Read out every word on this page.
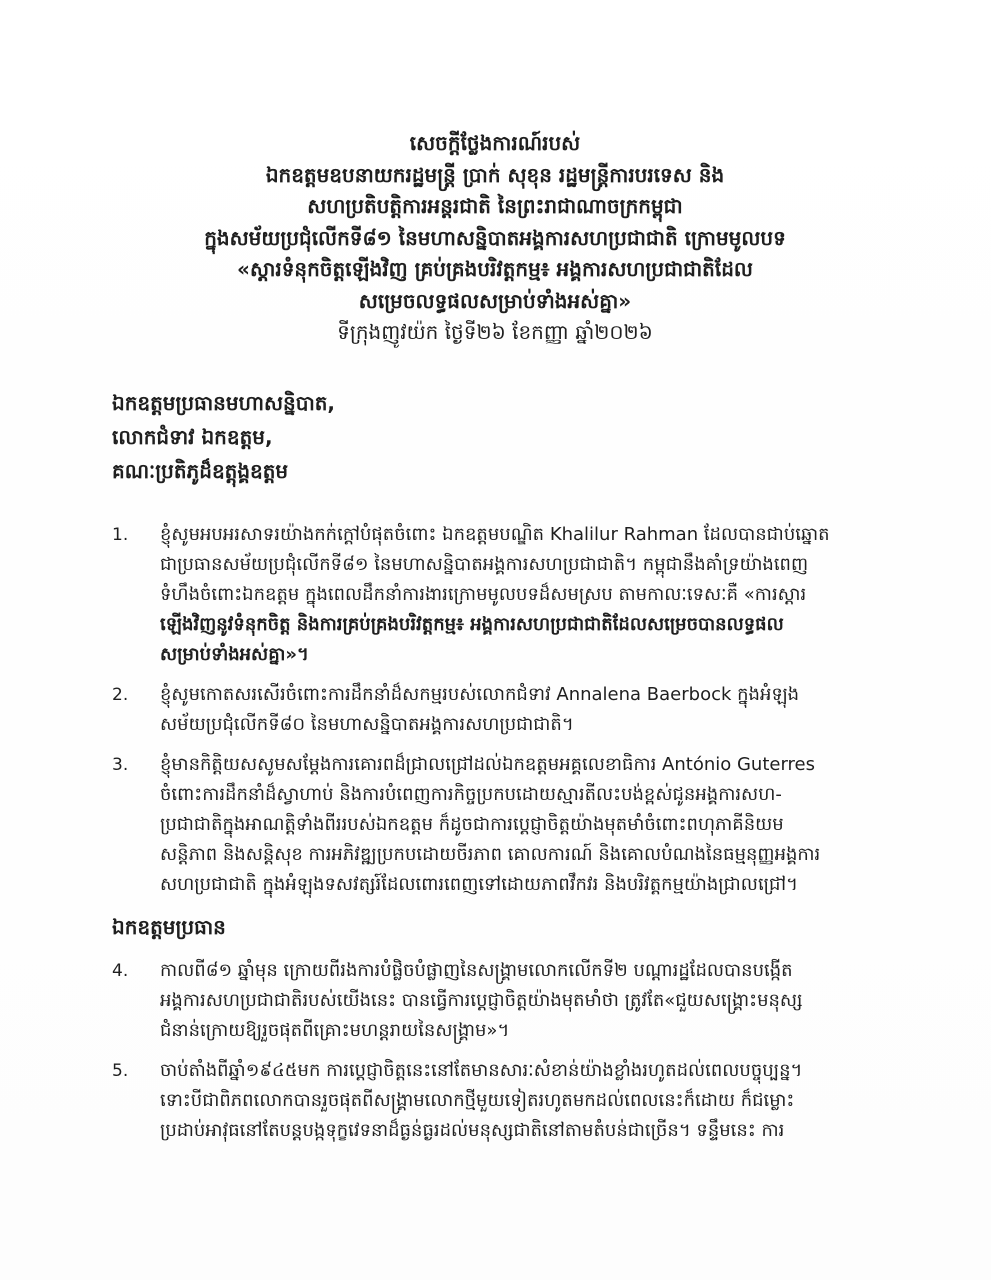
សេចក្តីថ្លែងការណ៍របស់
ឯកឧត្តមឧបនាយករដ្ឋមន្ត្រី ប្រាក់ សុខុន រដ្ឋមន្ត្រីការបរទេស និង
សហប្រតិបត្តិការអន្តរជាតិ នៃព្រះរាជាណាចក្រកម្ពុជា
ក្នុងសម័យប្រជុំលើកទី៨១ នៃមហាសន្និបាតអង្គការសហប្រជាជាតិ ក្រោមមូលបទ
«ស្ដារទំនុកចិត្តឡើងវិញ គ្រប់គ្រងបរិវត្តកម្ម៖ អង្គការសហប្រជាជាតិដែល
សម្រេចលទ្ធផលសម្រាប់ទាំងអស់គ្នា»
ទីក្រុងញូវយ៉ក ថ្ងៃទី២៦ ខែកញ្ញា ឆ្នាំ២០២៦
ឯកឧត្តមប្រធានមហាសន្និបាត,
លោកជំទាវ ឯកឧត្តម,
គណៈប្រតិភូដ៏ឧត្តុង្គឧត្តម
1.	ខ្ញុំសូមអបអរសាទរយ៉ាងកក់ក្ដៅបំផុតចំពោះ ឯកឧត្តមបណ្ឌិត Khalilur Rahman ដែលបានជាប់ឆ្នោត
ជាប្រធានសម័យប្រជុំលើកទី៨១ នៃមហាសន្និបាតអង្គការសហប្រជាជាតិ។ កម្ពុជានឹងគាំទ្រយ៉ាងពេញ
ទំហឹងចំពោះឯកឧត្តម ក្នុងពេលដឹកនាំការងារក្រោមមូលបទដ៏សមស្រប តាមកាលៈទេសៈគឺ «ការស្ដារ
ឡើងវិញនូវទំនុកចិត្ត និងការគ្រប់គ្រងបរិវត្តកម្ម៖ អង្គការសហប្រជាជាតិដែលសម្រេចបានលទ្ធផល
សម្រាប់ទាំងអស់គ្នា»។
2.	ខ្ញុំសូមកោតសរសើរចំពោះការដឹកនាំដ៏សកម្មរបស់លោកជំទាវ Annalena Baerbock ក្នុងអំឡុង
សម័យប្រជុំលើកទី៨០ នៃមហាសន្និបាតអង្គការសហប្រជាជាតិ។
3.	ខ្ញុំមានកិត្តិយសសូមសម្ដែងការគោរពដ៏ជ្រាលជ្រៅដល់ឯកឧត្តមអគ្គលេខាធិការ António Guterres
ចំពោះការដឹកនាំដ៏ស្វាហាប់ និងការបំពេញការកិច្ចប្រកបដោយស្មារតីលះបង់ខ្ពស់ជូនអង្គការសហ-
ប្រជាជាតិក្នុងអាណត្តិទាំងពីររបស់ឯកឧត្តម ក៏ដូចជាការប្ដេជ្ញាចិត្តយ៉ាងមុតមាំចំពោះពហុភាគីនិយម
សន្តិភាព និងសន្តិសុខ ការអភិវឌ្ឍប្រកបដោយចីរភាព គោលការណ៍ និងគោលបំណងនៃធម្មនុញ្ញអង្គការ
សហប្រជាជាតិ ក្នុងអំឡុងទសវត្សរ៍ដែលពោរពេញទៅដោយភាពវឹកវរ និងបរិវត្តកម្មយ៉ាងជ្រាលជ្រៅ។
ឯកឧត្តមប្រធាន
4.	កាលពី៨១ ឆ្នាំមុន ក្រោយពីរងការបំផ្លិចបំផ្លាញនៃសង្គ្រាមលោកលើកទី២ បណ្ដារដ្ឋដែលបានបង្កើត
អង្គការសហប្រជាជាតិរបស់យើងនេះ បានធ្វើការប្ដេជ្ញាចិត្តយ៉ាងមុតមាំថា ត្រូវតែ«ជួយសង្គ្រោះមនុស្ស
ជំនាន់ក្រោយឱ្យរួចផុតពីគ្រោះមហន្តរាយនៃសង្គ្រាម»។
5.	ចាប់តាំងពីឆ្នាំ១៩៤៥មក ការប្ដេជ្ញាចិត្តនេះនៅតែមានសារៈសំខាន់យ៉ាងខ្លាំងរហូតដល់ពេលបច្ចុប្បន្ន។
ទោះបីជាពិភពលោកបានរួចផុតពីសង្គ្រាមលោកថ្មីមួយទៀតរហូតមកដល់ពេលនេះក៏ដោយ ក៏ជម្លោះ
ប្រដាប់អាវុធនៅតែបន្តបង្កទុក្ខវេទនាដ៏ធ្ងន់ធ្ងរដល់មនុស្សជាតិនៅតាមតំបន់ជាច្រើន។ ទន្ទឹមនេះ ការ
